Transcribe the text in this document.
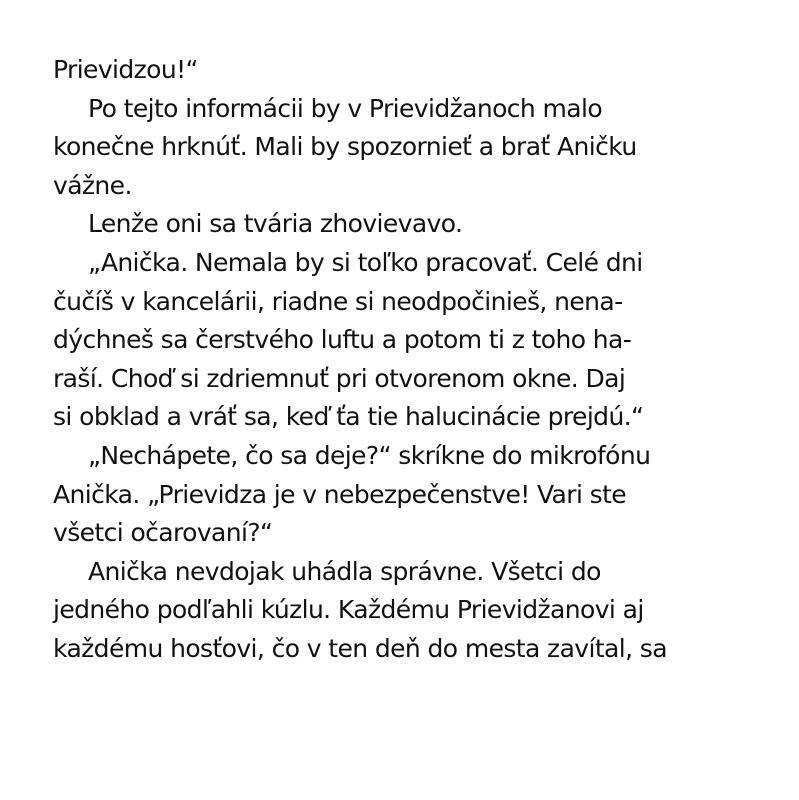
Prievidzou!“
Po tejto informácii by v Prievidžanoch malo
konečne hrknúť. Mali by spozornieť a brať Aničku
vážne.
Lenže oni sa tvária zhovievavo.
„Anička. Nemala by si toľko pracovať. Celé dni
čučíš v kancelárii, riadne si neodpočinieš, nena-
dýchneš sa čerstvého luftu a potom ti z toho ha-
raší. Choď si zdriemnuť pri otvorenom okne. Daj
si obklad a vráť sa, keď ťa tie halucinácie prejdú.“
„Nechápete, čo sa deje?“ skríkne do mikrofónu
Anička. „Prievidza je v nebezpečenstve! Vari ste
všetci očarovaní?“
Anička nevdojak uhádla správne. Všetci do
jedného podľahli kúzlu. Každému Prievidžanovi aj
každému hosťovi, čo v ten deň do mesta zavítal, sa
